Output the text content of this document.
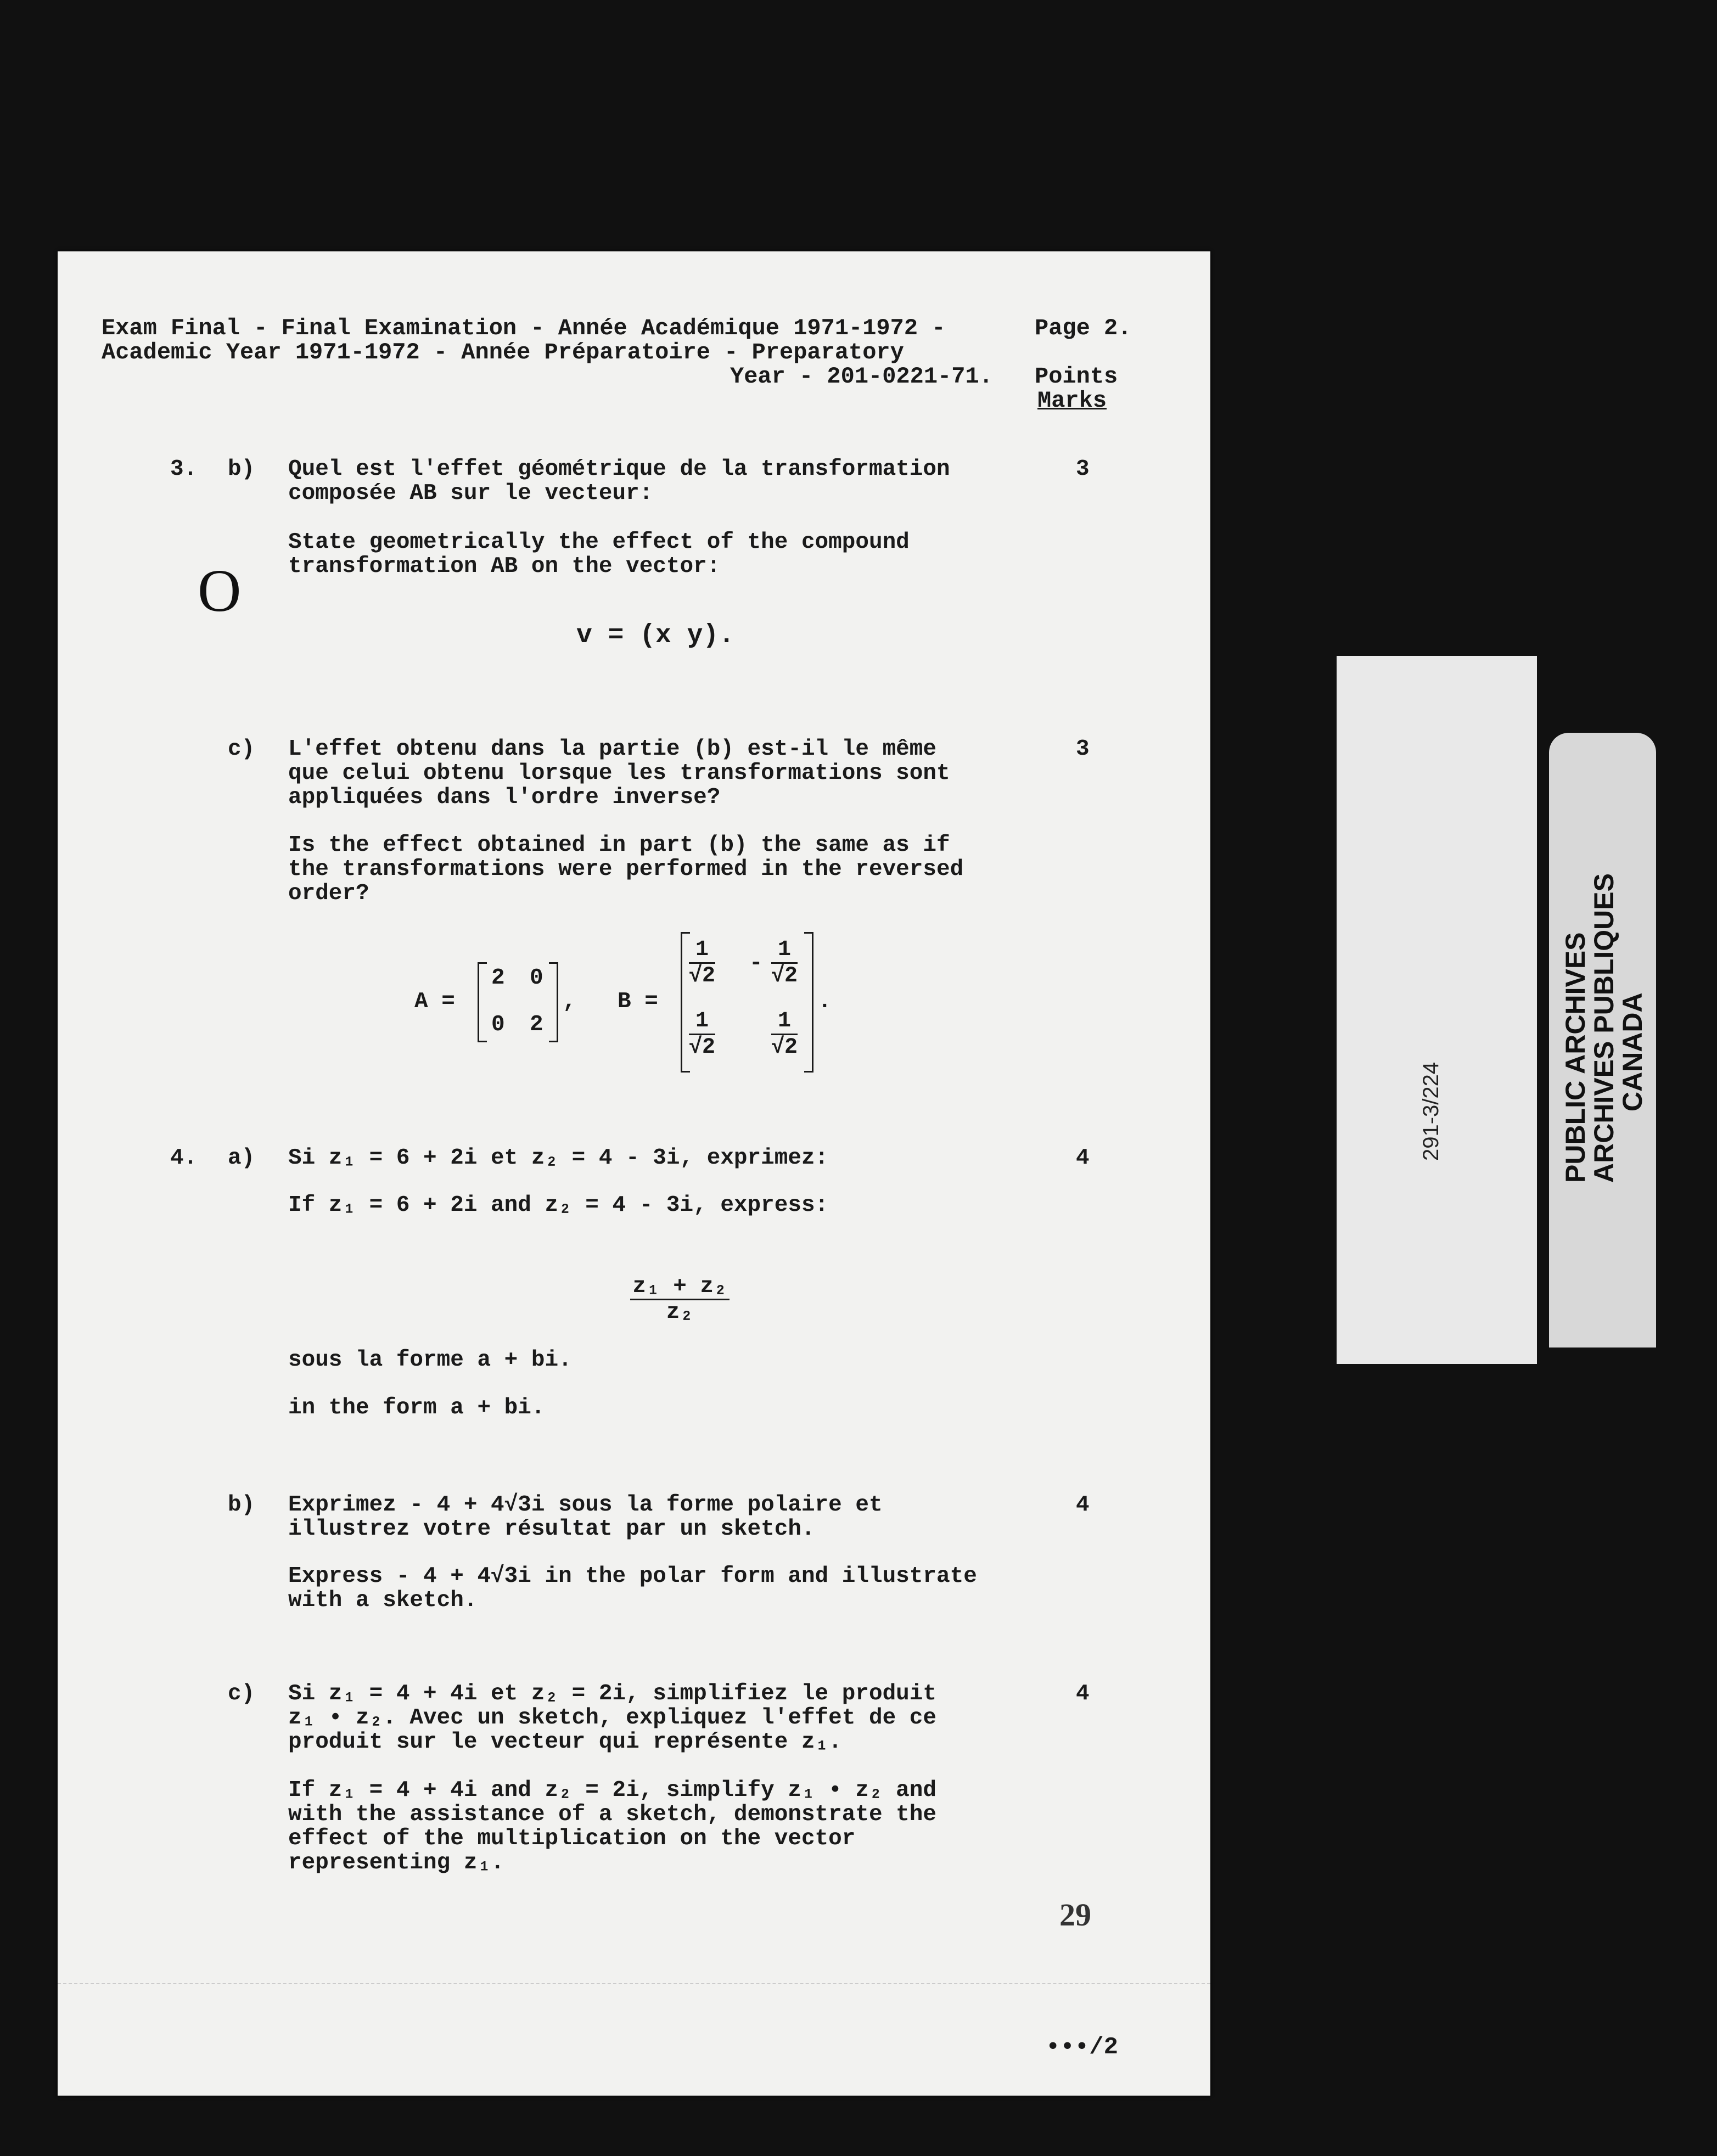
O
Exam Final - Final Examination - Année Académique 1971-1972 -	Page 2.
Academic Year 1971-1972 - Année Préparatoire - Preparatory
Year - 201-0221-71. Points
Marks
3. b) Quel est l'effet géométrique de la transformation
composée AB sur le vecteur:
State geometrically the effect of the compound
transformation AB on the vector:
v = (x y).
3
c) L'effet obtenu dans la partie (b) est-il le même
que celui obtenu lorsque les transformations sont
appliquées dans l'ordre inverse?
Is the effect obtained in part (b) the same as if
the transformations were performed in the reversed
order?
3
A =
2 0
0 2
, B =
$\frac{1}{√2} - \frac{1}{√2}$
$\frac{1}{√2}$	$\frac{1}{√2}$
.
4. a) Si z₁ = 6 + 2i et z₂ = 4 - 3i, exprimez:
If z₁ = 6 + 2i and z₂ = 4 - 3i, express:
4

$\frac{\text{z₁ + z₂}}{\text{z₂}}$

sous la forme a + bi.
in the form a + bi.
b) Exprimez - 4 + 4√3i sous la forme polaire et
illustrez votre résultat par un sketch.
Express - 4 + 4√3i in the polar form and illustrate
with a sketch.
4
c) Si z₁ = 4 + 4i et z₂ = 2i, simplifiez le produit
z₁ • z₂. Avec un sketch, expliquez l'effet de ce
produit sur le vecteur qui représente z₁.
If z₁ = 4 + 4i and z₂ = 2i, simplify z₁ • z₂ and
with the assistance of a sketch, demonstrate the
effect of the multiplication on the vector
representing z₁.
4
29
•••/2
291-3/224	PUBLIC ARCHIVES
ARCHIVES PUBLIQUES
CANADA
